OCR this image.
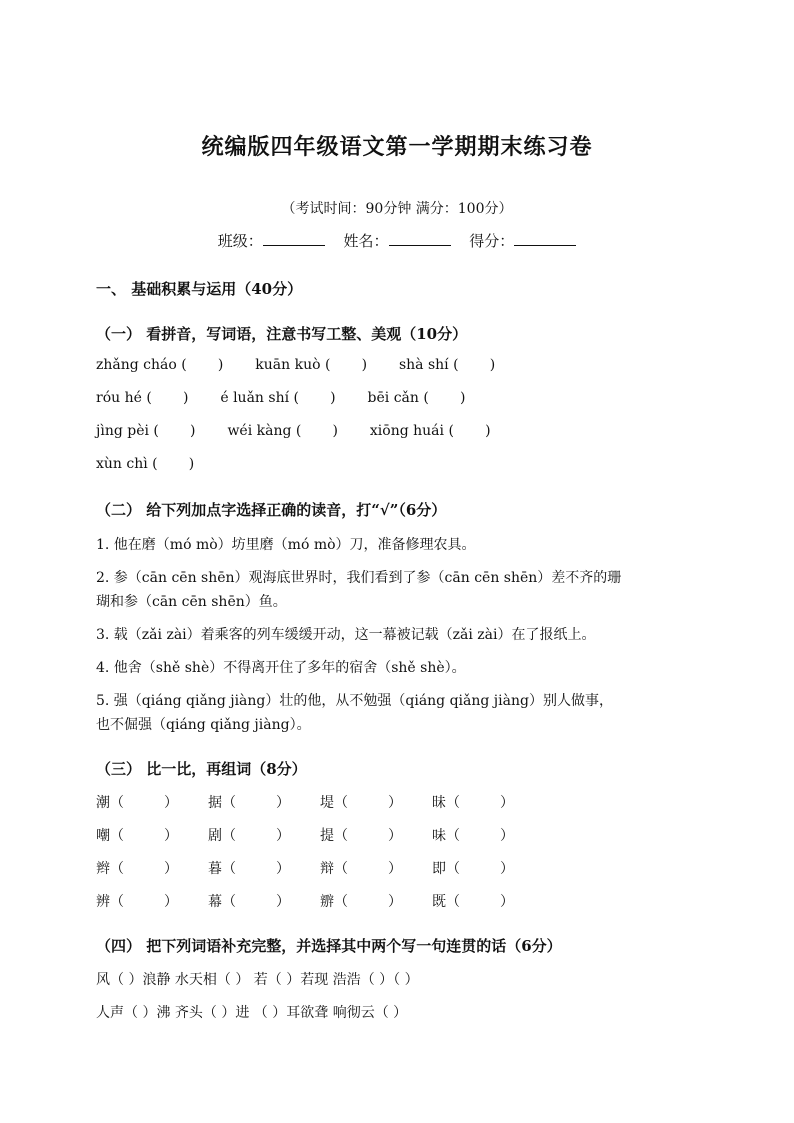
统编版四年级语文第一学期期末练习卷
（考试时间：90分钟 满分：100分）
班级：	姓名：	得分：
一、 基础积累与运用（40分）
（一） 看拼音，写词语，注意书写工整、美观（10分）
zhǎng cháo (       ) kuān kuò (       ) shà shí (       )
róu hé (       ) é luǎn shí (       ) bēi cǎn (       )
jìng pèi (       ) wéi kàng (       ) xiōng huái (       )
xùn chì (       )
（二） 给下列加点字选择正确的读音，打“√”（6分）
1. 他在磨（mó mò）坊里磨（mó mò）刀，准备修理农具。
2. 参（cān cēn shēn）观海底世界时，我们看到了参（cān cēn shēn）差不齐的珊
瑚和参（cān cēn shēn）鱼。
3. 载（zǎi zài）着乘客的列车缓缓开动，这一幕被记载（zǎi zài）在了报纸上。
4. 他舍（shě shè）不得离开住了多年的宿舍（shě shè）。
5. 强（qiáng qiǎng jiàng）壮的他，从不勉强（qiáng qiǎng jiàng）别人做事，
也不倔强（qiáng qiǎng jiàng）。
（三） 比一比，再组词（8分）
潮（         ） 据（         ） 堤（         ） 昧（         ）
嘲（         ） 剧（         ） 提（         ） 味（         ）
辫（         ） 暮（         ） 辩（         ） 即（         ）
辨（         ） 幕（         ） 辧（         ） 既（         ）
（四） 把下列词语补充完整，并选择其中两个写一句连贯的话（6分）
风（ ）浪静 水天相（ ） 若（ ）若现 浩浩（ ）（ ）
人声（ ）沸 齐头（ ）进 （ ）耳欲聋 响彻云（ ）
